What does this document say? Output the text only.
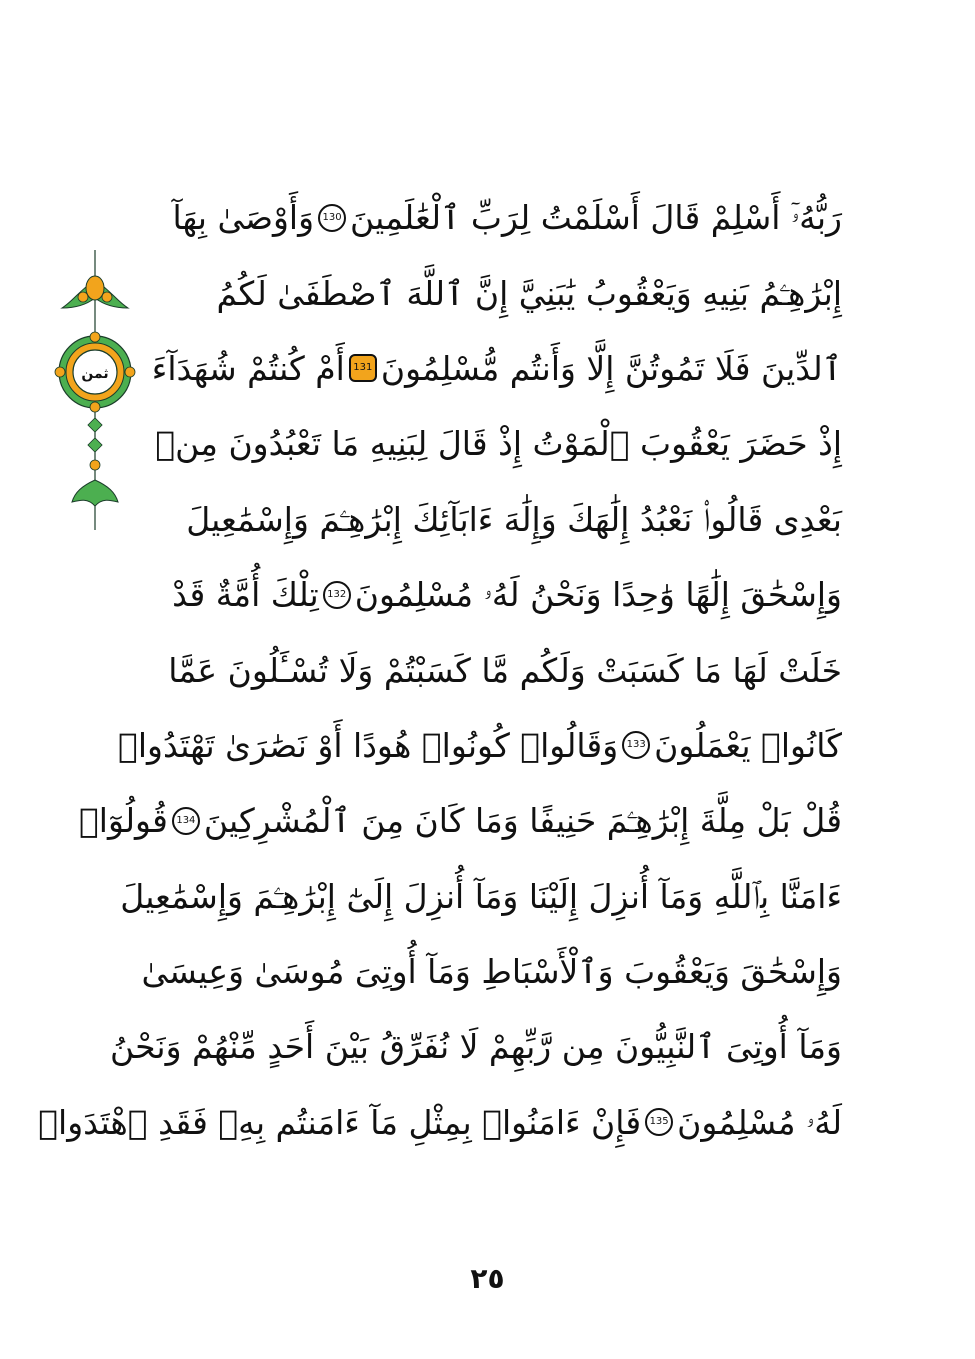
ثمن
رَبُّهُۥٓ أَسْلِمْ قَالَ أَسْلَمْتُ لِرَبِّ ٱلْعَٰلَمِينَ
130
وَأَوْصَىٰ بِهَآ
إِبْرَٰهِـۧمُ بَنِيهِ وَيَعْقُوبُ يَٰبَنِيَّ إِنَّ ٱللَّهَ ٱصْطَفَىٰ لَكُمُ
ٱلدِّينَ فَلَا تَمُوتُنَّ إِلَّا وَأَنتُم مُّسْلِمُونَ
131
أَمْ كُنتُمْ شُهَدَآءَ
إِذْ حَضَرَ يَعْقُوبَ ٱلْمَوْتُ إِذْ قَالَ لِبَنِيهِ مَا تَعْبُدُونَ مِنۢ
بَعْدِى قَالُوا۟ نَعْبُدُ إِلَٰهَكَ وَإِلَٰهَ ءَابَآئِكَ إِبْرَٰهِـۧمَ وَإِسْمَٰعِيلَ
وَإِسْحَٰقَ إِلَٰهًا وَٰحِدًا وَنَحْنُ لَهُۥ مُسْلِمُونَ
132
تِلْكَ أُمَّةٌ قَدْ
خَلَتْ لَهَا مَا كَسَبَتْ وَلَكُم مَّا كَسَبْتُمْ وَلَا تُسْـَٔلُونَ عَمَّا
كَانُوا۟ يَعْمَلُونَ
133
وَقَالُوا۟ كُونُوا۟ هُودًا أَوْ نَصَٰرَىٰ تَهْتَدُوا۟
قُلْ بَلْ مِلَّةَ إِبْرَٰهِـۧمَ حَنِيفًا وَمَا كَانَ مِنَ ٱلْمُشْرِكِينَ
134
قُولُوٓا۟
ءَامَنَّا بِٱللَّهِ وَمَآ أُنزِلَ إِلَيْنَا وَمَآ أُنزِلَ إِلَىٰٓ إِبْرَٰهِـۧمَ وَإِسْمَٰعِيلَ
وَإِسْحَٰقَ وَيَعْقُوبَ وَٱلْأَسْبَاطِ وَمَآ أُوتِىَ مُوسَىٰ وَعِيسَىٰ
وَمَآ أُوتِىَ ٱلنَّبِيُّونَ مِن رَّبِّهِمْ لَا نُفَرِّقُ بَيْنَ أَحَدٍ مِّنْهُمْ وَنَحْنُ
لَهُۥ مُسْلِمُونَ
135
فَإِنْ ءَامَنُوا۟ بِمِثْلِ مَآ ءَامَنتُم بِهِۦ فَقَدِ ٱهْتَدَوا۟
٢٥
